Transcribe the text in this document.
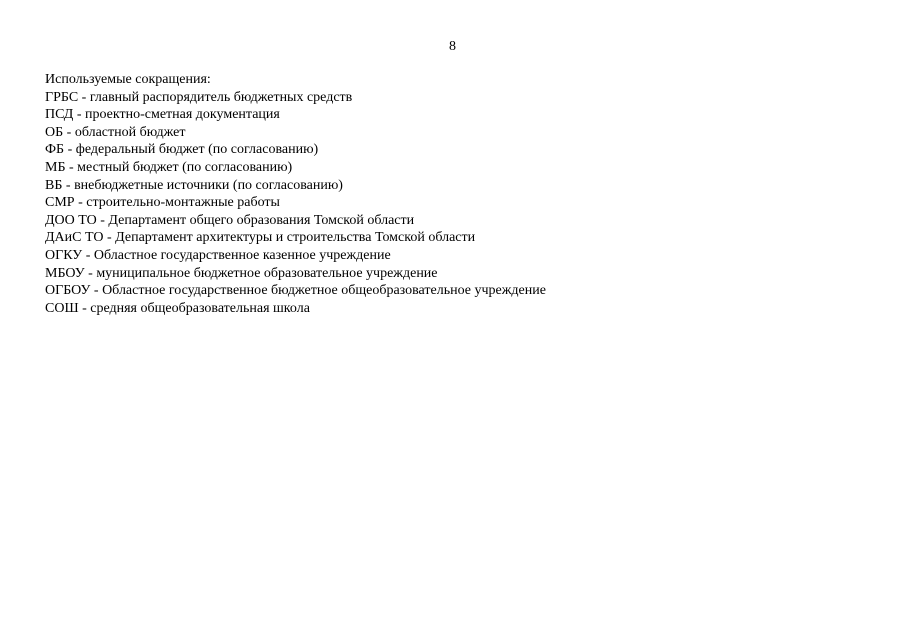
8
Используемые сокращения:
ГРБС - главный распорядитель бюджетных средств
ПСД - проектно-сметная документация
ОБ - областной бюджет
ФБ - федеральный бюджет (по согласованию)
МБ - местный бюджет (по согласованию)
ВБ - внебюджетные источники (по согласованию)
СМР - строительно-монтажные работы
ДОО ТО - Департамент общего образования Томской области
ДАиС ТО - Департамент архитектуры и строительства Томской области
ОГКУ - Областное государственное казенное учреждение
МБОУ - муниципальное бюджетное образовательное учреждение
ОГБОУ - Областное государственное бюджетное общеобразовательное учреждение
СОШ - средняя общеобразовательная школа
